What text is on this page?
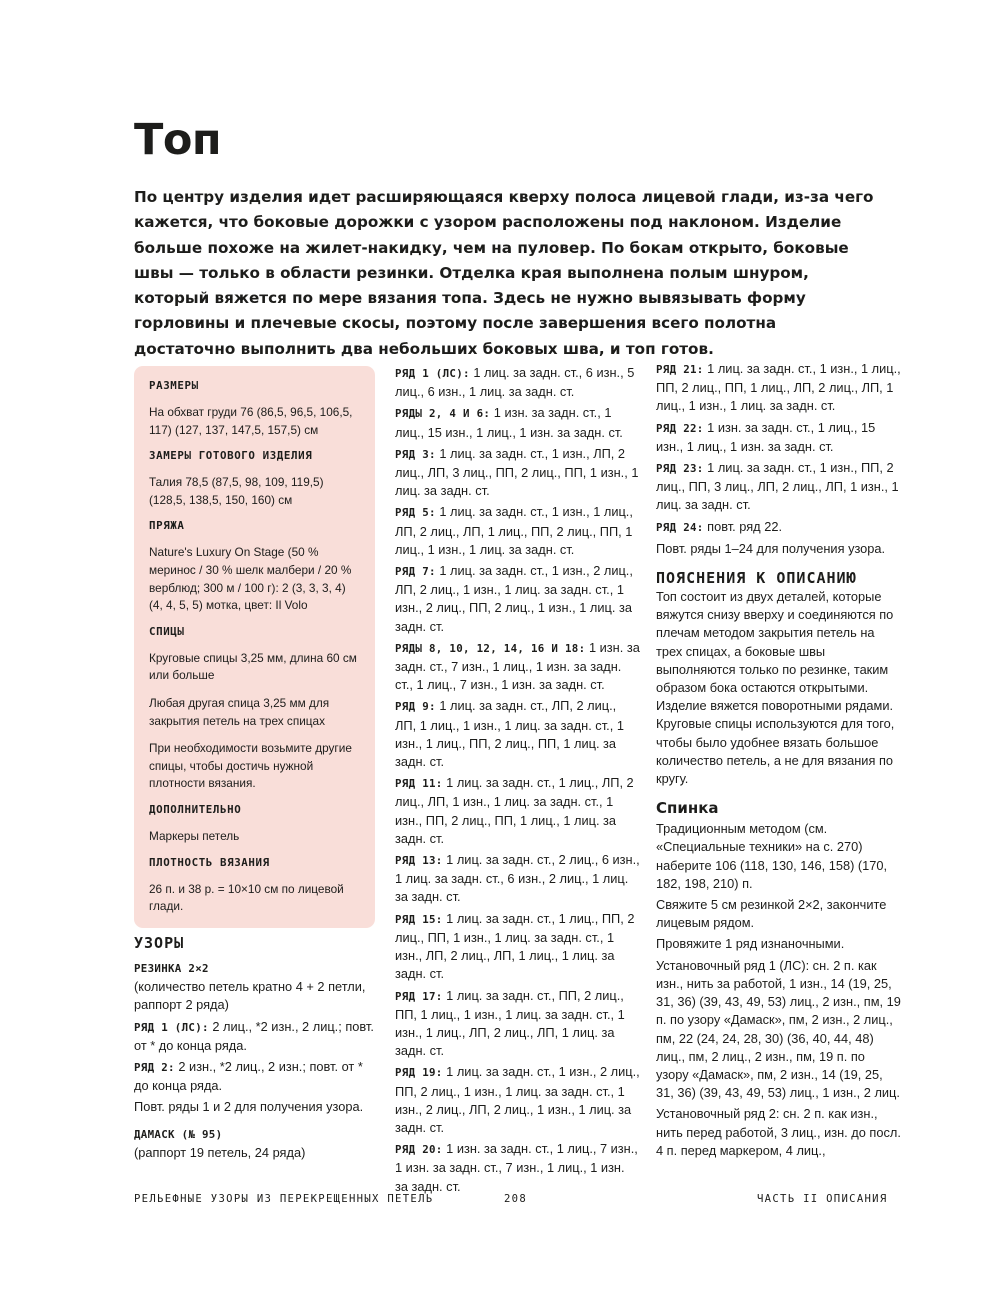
Топ

По центру изделия идет расширяющаяся кверху полоса лицевой глади, из-за чего кажется, что боковые дорожки с узором расположены под наклоном. Изделие больше похоже на жилет-накидку, чем на пуловер. По бокам открыто, боковые швы — только в области резинки. Отделка края выполнена полым шнуром, который вяжется по мере вязания топа. Здесь не нужно вывязывать форму горловины и плечевые скосы, поэтому после завершения всего полотна достаточно выполнить два небольших боковых шва, и топ готов.

РАЗМЕРЫ
На обхват груди 76 (86,5, 96,5, 106,5, 117) (127, 137, 147,5, 157,5) см
ЗАМЕРЫ ГОТОВОГО ИЗДЕЛИЯ
Талия 78,5 (87,5, 98, 109, 119,5) (128,5, 138,5, 150, 160) см
ПРЯЖА
Nature's Luxury On Stage (50 % меринос / 30 % шелк малбери / 20 % верблюд; 300 м / 100 г): 2 (3, 3, 3, 4) (4, 4, 5, 5) мотка, цвет: Il Volo
СПИЦЫ
Круговые спицы 3,25 мм, длина 60 см или больше
Любая другая спица 3,25 мм для закрытия петель на трех спицах
При необходимости возьмите другие спицы, чтобы достичь нужной плотности вязания.
ДОПОЛНИТЕЛЬНО
Маркеры петель
ПЛОТНОСТЬ ВЯЗАНИЯ
26 п. и 38 р. = 10×10 см по лицевой глади.
УЗОРЫ

РЕЗИНКА 2×2
(количество петель кратно 4 + 2 петли, раппорт 2 ряда)

РЯД 1 (ЛС): 2 лиц., *2 изн., 2 лиц.; повт. от * до конца ряда.

РЯД 2: 2 изн., *2 лиц., 2 изн.; повт. от * до конца ряда.

Повт. ряды 1 и 2 для получения узора.

ДАМАСК (№ 95)
(раппорт 19 петель, 24 ряда)

РЯД 1 (ЛС): 1 лиц. за задн. ст., 6 изн., 5 лиц., 6 изн., 1 лиц. за задн. ст.

РЯДЫ 2, 4 И 6: 1 изн. за задн. ст., 1 лиц., 15 изн., 1 лиц., 1 изн. за задн. ст.

РЯД 3: 1 лиц. за задн. ст., 1 изн., ЛП, 2 лиц., ЛП, 3 лиц., ПП, 2 лиц., ПП, 1 изн., 1 лиц. за задн. ст.

РЯД 5: 1 лиц. за задн. ст., 1 изн., 1 лиц., ЛП, 2 лиц., ЛП, 1 лиц., ПП, 2 лиц., ПП, 1 лиц., 1 изн., 1 лиц. за задн. ст.

РЯД 7: 1 лиц. за задн. ст., 1 изн., 2 лиц., ЛП, 2 лиц., 1 изн., 1 лиц. за задн. ст., 1 изн., 2 лиц., ПП, 2 лиц., 1 изн., 1 лиц. за задн. ст.

РЯДЫ 8, 10, 12, 14, 16 И 18: 1 изн. за задн. ст., 7 изн., 1 лиц., 1 изн. за задн. ст., 1 лиц., 7 изн., 1 изн. за задн. ст.

РЯД 9: 1 лиц. за задн. ст., ЛП, 2 лиц., ЛП, 1 лиц., 1 изн., 1 лиц. за задн. ст., 1 изн., 1 лиц., ПП, 2 лиц., ПП, 1 лиц. за задн. ст.

РЯД 11: 1 лиц. за задн. ст., 1 лиц., ЛП, 2 лиц., ЛП, 1 изн., 1 лиц. за задн. ст., 1 изн., ПП, 2 лиц., ПП, 1 лиц., 1 лиц. за задн. ст.

РЯД 13: 1 лиц. за задн. ст., 2 лиц., 6 изн., 1 лиц. за задн. ст., 6 изн., 2 лиц., 1 лиц. за задн. ст.

РЯД 15: 1 лиц. за задн. ст., 1 лиц., ПП, 2 лиц., ПП, 1 изн., 1 лиц. за задн. ст., 1 изн., ЛП, 2 лиц., ЛП, 1 лиц., 1 лиц. за задн. ст.

РЯД 17: 1 лиц. за задн. ст., ПП, 2 лиц., ПП, 1 лиц., 1 изн., 1 лиц. за задн. ст., 1 изн., 1 лиц., ЛП, 2 лиц., ЛП, 1 лиц. за задн. ст.

РЯД 19: 1 лиц. за задн. ст., 1 изн., 2 лиц., ПП, 2 лиц., 1 изн., 1 лиц. за задн. ст., 1 изн., 2 лиц., ЛП, 2 лиц., 1 изн., 1 лиц. за задн. ст.

РЯД 20: 1 изн. за задн. ст., 1 лиц., 7 изн., 1 изн. за задн. ст., 7 изн., 1 лиц., 1 изн. за задн. ст.

РЯД 21: 1 лиц. за задн. ст., 1 изн., 1 лиц., ПП, 2 лиц., ПП, 1 лиц., ЛП, 2 лиц., ЛП, 1 лиц., 1 изн., 1 лиц. за задн. ст.

РЯД 22: 1 изн. за задн. ст., 1 лиц., 15 изн., 1 лиц., 1 изн. за задн. ст.

РЯД 23: 1 лиц. за задн. ст., 1 изн., ПП, 2 лиц., ПП, 3 лиц., ЛП, 2 лиц., ЛП, 1 изн., 1 лиц. за задн. ст.

РЯД 24: повт. ряд 22.

Повт. ряды 1–24 для получения узора.

ПОЯСНЕНИЯ К ОПИСАНИЮ

Топ состоит из двух деталей, которые вяжутся снизу вверху и соединяются по плечам методом закрытия петель на трех спицах, а боковые швы выполняются только по резинке, таким образом бока остаются открытыми. Изделие вяжется поворотными рядами. Круговые спицы используются для того, чтобы было удобнее вязать большое количество петель, а не для вязания по кругу.

Спинка

Традиционным методом (см. «Специальные техники» на с. 270) наберите 106 (118, 130, 146, 158) (170, 182, 198, 210) п.

Свяжите 5 см резинкой 2×2, закончите лицевым рядом.

Провяжите 1 ряд изнаночными.

Установочный ряд 1 (ЛС): сн. 2 п. как изн., нить за работой, 1 изн., 14 (19, 25, 31, 36) (39, 43, 49, 53) лиц., 2 изн., пм, 19 п. по узору «Дамаск», пм, 2 изн., 2 лиц., пм, 22 (24, 24, 28, 30) (36, 40, 44, 48) лиц., пм, 2 лиц., 2 изн., пм, 19 п. по узору «Дамаск», пм, 2 изн., 14 (19, 25, 31, 36) (39, 43, 49, 53) лиц., 1 изн., 2 лиц.

Установочный ряд 2: сн. 2 п. как изн., нить перед работой, 3 лиц., изн. до посл. 4 п. перед маркером, 4 лиц.,

РЕЛЬЕФНЫЕ УЗОРЫ ИЗ ПЕРЕКРЕЩЕННЫХ ПЕТЕЛЬ	208	ЧАСТЬ II ОПИСАНИЯ
